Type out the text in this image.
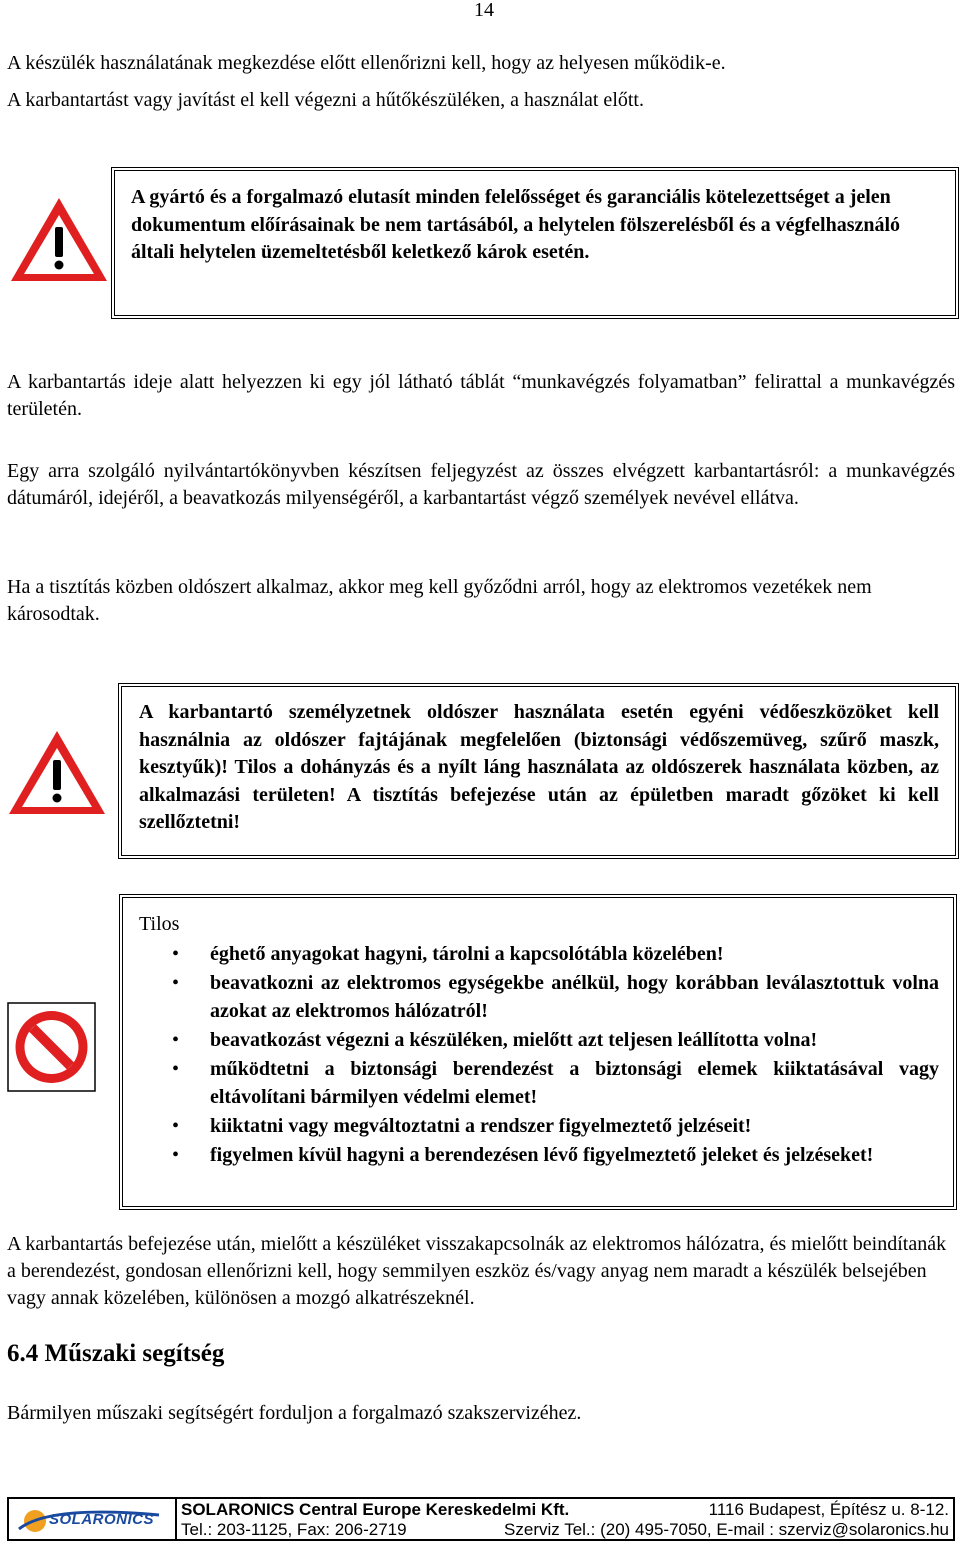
14

A készülék használatának megkezdése előtt ellenőrizni kell, hogy az helyesen működik-e.

A karbantartást vagy javítást el kell végezni a hűtőkészüléken, a használat előtt.

A gyártó és a forgalmazó elutasít minden felelősséget és garanciális kötelezettséget a jelen dokumentum előírásainak be nem tartásából, a helytelen fölszerelésből és a végfelhasználó általi helytelen üzemeltetésből keletkező károk esetén.

A karbantartás ideje alatt helyezzen ki egy jól látható táblát “munkavégzés folyamatban” felirattal a munkavégzés területén.

Egy arra szolgáló nyilvántartókönyvben készítsen feljegyzést az összes elvégzett karbantartásról: a munkavégzés dátumáról, idejéről, a beavatkozás milyenségéről, a karbantartást végző személyek nevével ellátva.

Ha a tisztítás közben oldószert alkalmaz, akkor meg kell győződni arról, hogy az elektromos vezetékek nem károsodtak.

A karbantartó személyzetnek oldószer használata esetén egyéni védőeszközöket kell használnia az oldószer fajtájának megfelelően (biztonsági védőszemüveg, szűrő maszk, kesztyűk)! Tilos a dohányzás és a nyílt láng használata az oldószerek használata közben, az alkalmazási területen! A tisztítás befejezése után az épületben maradt gőzöket ki kell szellőztetni!
Tilos
• éghető anyagokat hagyni, tárolni a kapcsolótábla közelében!
• beavatkozni az elektromos egységekbe anélkül, hogy korábban leválasztottuk volna azokat az elektromos hálózatról!
• beavatkozást végezni a készüléken, mielőtt azt teljesen leállította volna!
• működtetni a biztonsági berendezést a biztonsági elemek kiiktatásával vagy eltávolítani bármilyen védelmi elemet!
• kiiktatni vagy megváltoztatni a rendszer figyelmeztető jelzéseit!
• figyelmen kívül hagyni a berendezésen lévő figyelmeztető jeleket és jelzéseket!

A karbantartás befejezése után, mielőtt a készüléket visszakapcsolnák az elektromos hálózatra, és mielőtt beindítanák a berendezést, gondosan ellenőrizni kell, hogy semmilyen eszköz és/vagy anyag nem maradt a készülék belsejében vagy annak közelében, különösen a mozgó alkatrészeknél.

6.4 Műszaki segítség
Bármilyen műszaki segítségért forduljon a forgalmazó szakszervizéhez.
SOLARONICS
SOLARONICS Central Europe Kereskedelmi Kft.	1116 Budapest, Építész u. 8-12.
Tel.: 203-1125, Fax: 206-2719	Szerviz Tel.: (20) 495-7050, E-mail : szerviz@solaronics.hu
